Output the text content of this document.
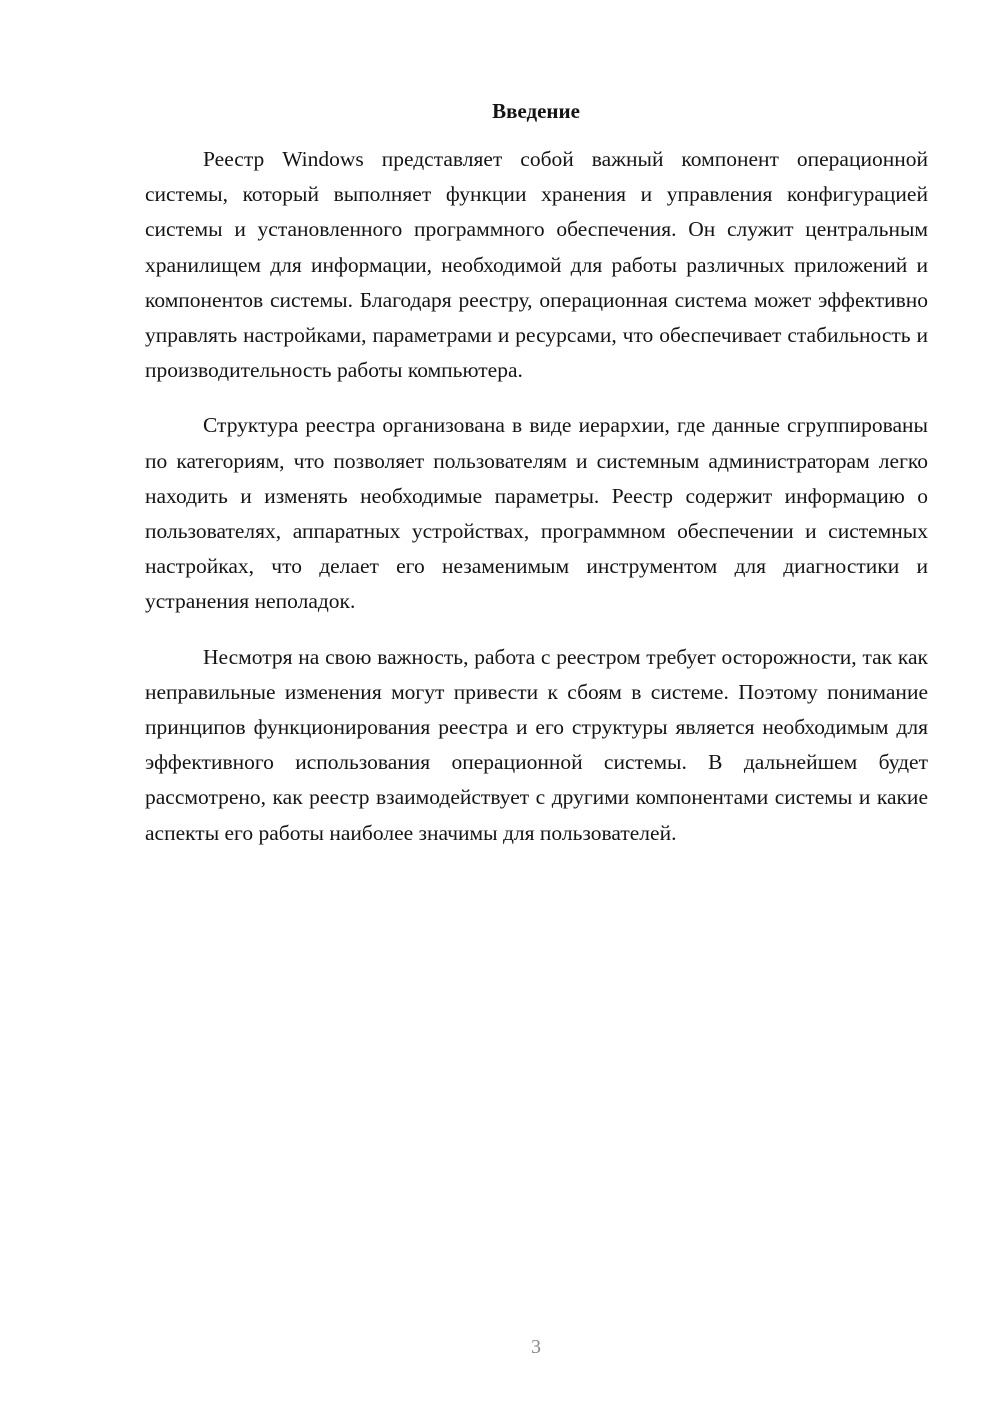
Введение

Реестр Windows представляет собой важный компонент операционной системы, который выполняет функции хранения и управления конфигурацией системы и установленного программного обеспечения. Он служит центральным хранилищем для информации, необходимой для работы различных приложений и компонентов системы. Благодаря реестру, операционная система может эффективно управлять настройками, параметрами и ресурсами, что обеспечивает стабильность и производительность работы компьютера.

Структура реестра организована в виде иерархии, где данные сгруппированы по категориям, что позволяет пользователям и системным администраторам легко находить и изменять необходимые параметры. Реестр содержит информацию о пользователях, аппаратных устройствах, программном обеспечении и системных настройках, что делает его незаменимым инструментом для диагностики и устранения неполадок.

Несмотря на свою важность, работа с реестром требует осторожности, так как неправильные изменения могут привести к сбоям в системе. Поэтому понимание принципов функционирования реестра и его структуры является необходимым для эффективного использования операционной системы. В дальнейшем будет рассмотрено, как реестр взаимодействует с другими компонентами системы и какие аспекты его работы наиболее значимы для пользователей.

3
